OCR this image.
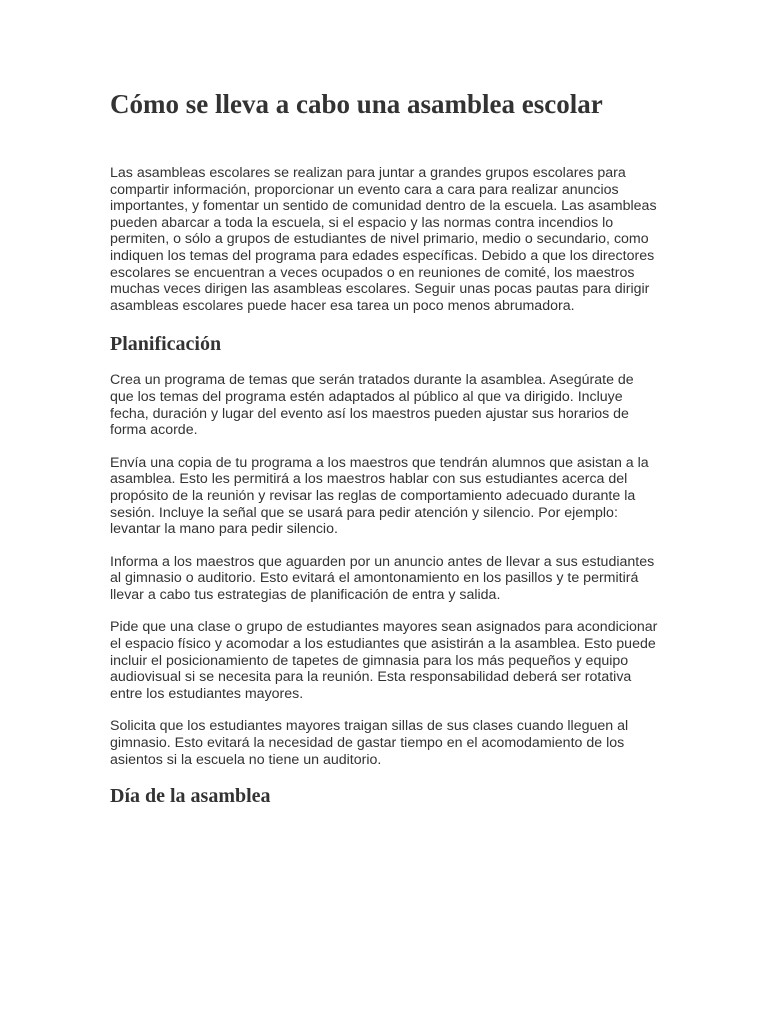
Cómo se lleva a cabo una asamblea escolar

Las asambleas escolares se realizan para juntar a grandes grupos escolares para compartir información, proporcionar un evento cara a cara para realizar anuncios importantes, y fomentar un sentido de comunidad dentro de la escuela. Las asambleas pueden abarcar a toda la escuela, si el espacio y las normas contra incendios lo permiten, o sólo a grupos de estudiantes de nivel primario, medio o secundario, como indiquen los temas del programa para edades específicas. Debido a que los directores escolares se encuentran a veces ocupados o en reuniones de comité, los maestros muchas veces dirigen las asambleas escolares. Seguir unas pocas pautas para dirigir asambleas escolares puede hacer esa tarea un poco menos abrumadora.

Planificación

Crea un programa de temas que serán tratados durante la asamblea. Asegúrate de que los temas del programa estén adaptados al público al que va dirigido. Incluye fecha, duración y lugar del evento así los maestros pueden ajustar sus horarios de forma acorde.

Envía una copia de tu programa a los maestros que tendrán alumnos que asistan a la asamblea. Esto les permitirá a los maestros hablar con sus estudiantes acerca del propósito de la reunión y revisar las reglas de comportamiento adecuado durante la sesión. Incluye la señal que se usará para pedir atención y silencio. Por ejemplo: levantar la mano para pedir silencio.

Informa a los maestros que aguarden por un anuncio antes de llevar a sus estudiantes al gimnasio o auditorio. Esto evitará el amontonamiento en los pasillos y te permitirá llevar a cabo tus estrategias de planificación de entra y salida.

Pide que una clase o grupo de estudiantes mayores sean asignados para acondicionar el espacio físico y acomodar a los estudiantes que asistirán a la asamblea. Esto puede incluir el posicionamiento de tapetes de gimnasia para los más pequeños y equipo audiovisual si se necesita para la reunión. Esta responsabilidad deberá ser rotativa entre los estudiantes mayores.

Solicita que los estudiantes mayores traigan sillas de sus clases cuando lleguen al gimnasio. Esto evitará la necesidad de gastar tiempo en el acomodamiento de los asientos si la escuela no tiene un auditorio.

Día de la asamblea
